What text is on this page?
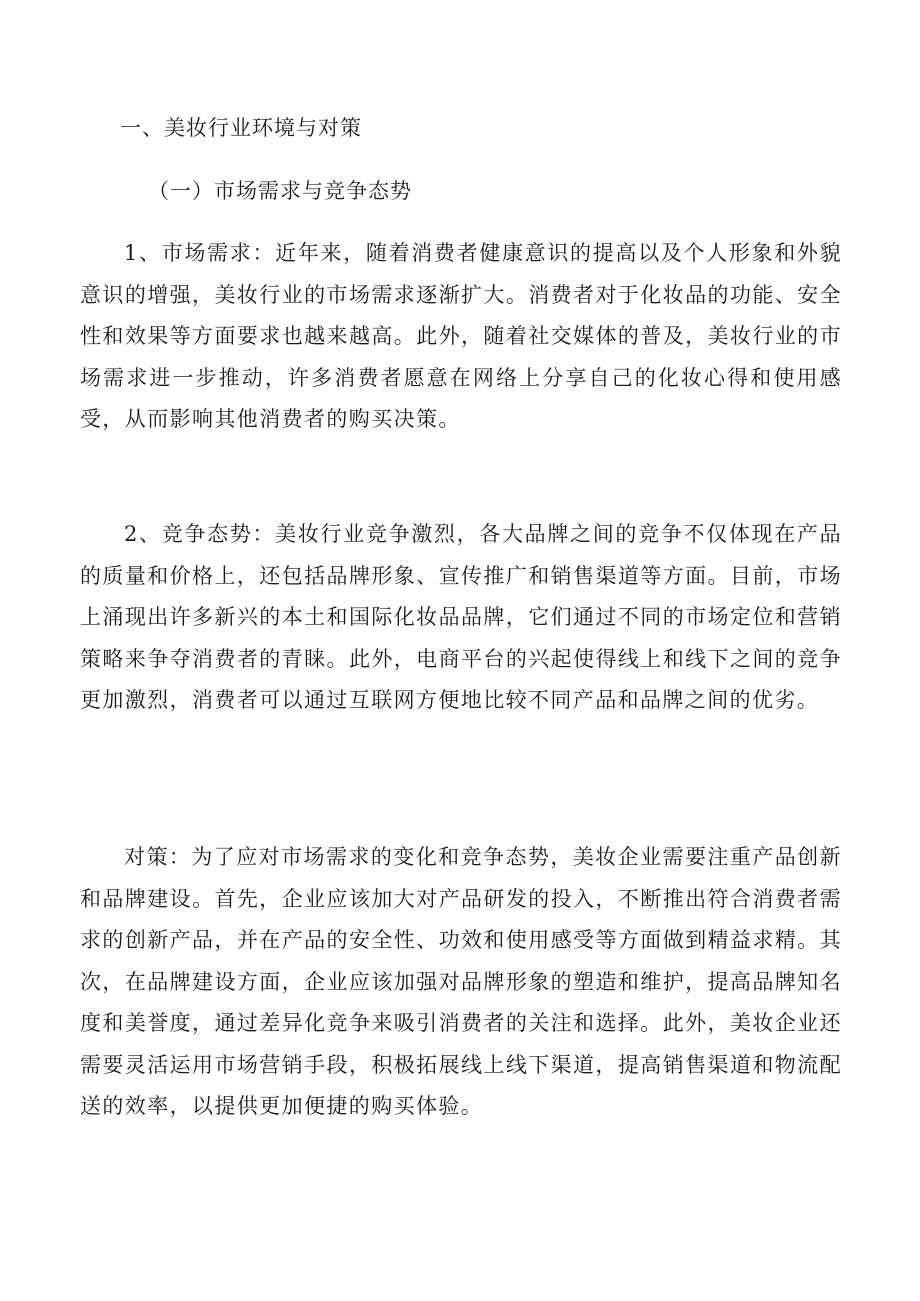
一、美妆行业环境与对策
（一）市场需求与竞争态势

1、市场需求：近年来，随着消费者健康意识的提高以及个人形象和外貌意识的增强，美妆行业的市场需求逐渐扩大。消费者对于化妆品的功能、安全性和效果等方面要求也越来越高。此外，随着社交媒体的普及，美妆行业的市场需求进一步推动，许多消费者愿意在网络上分享自己的化妆心得和使用感受，从而影响其他消费者的购买决策。

2、竞争态势：美妆行业竞争激烈，各大品牌之间的竞争不仅体现在产品的质量和价格上，还包括品牌形象、宣传推广和销售渠道等方面。目前，市场上涌现出许多新兴的本土和国际化妆品品牌，它们通过不同的市场定位和营销策略来争夺消费者的青睐。此外，电商平台的兴起使得线上和线下之间的竞争更加激烈，消费者可以通过互联网方便地比较不同产品和品牌之间的优劣。

对策：为了应对市场需求的变化和竞争态势，美妆企业需要注重产品创新和品牌建设。首先，企业应该加大对产品研发的投入，不断推出符合消费者需求的创新产品，并在产品的安全性、功效和使用感受等方面做到精益求精。其次，在品牌建设方面，企业应该加强对品牌形象的塑造和维护，提高品牌知名度和美誉度，通过差异化竞争来吸引消费者的关注和选择。此外，美妆企业还需要灵活运用市场营销手段，积极拓展线上线下渠道，提高销售渠道和物流配送的效率，以提供更加便捷的购买体验。
